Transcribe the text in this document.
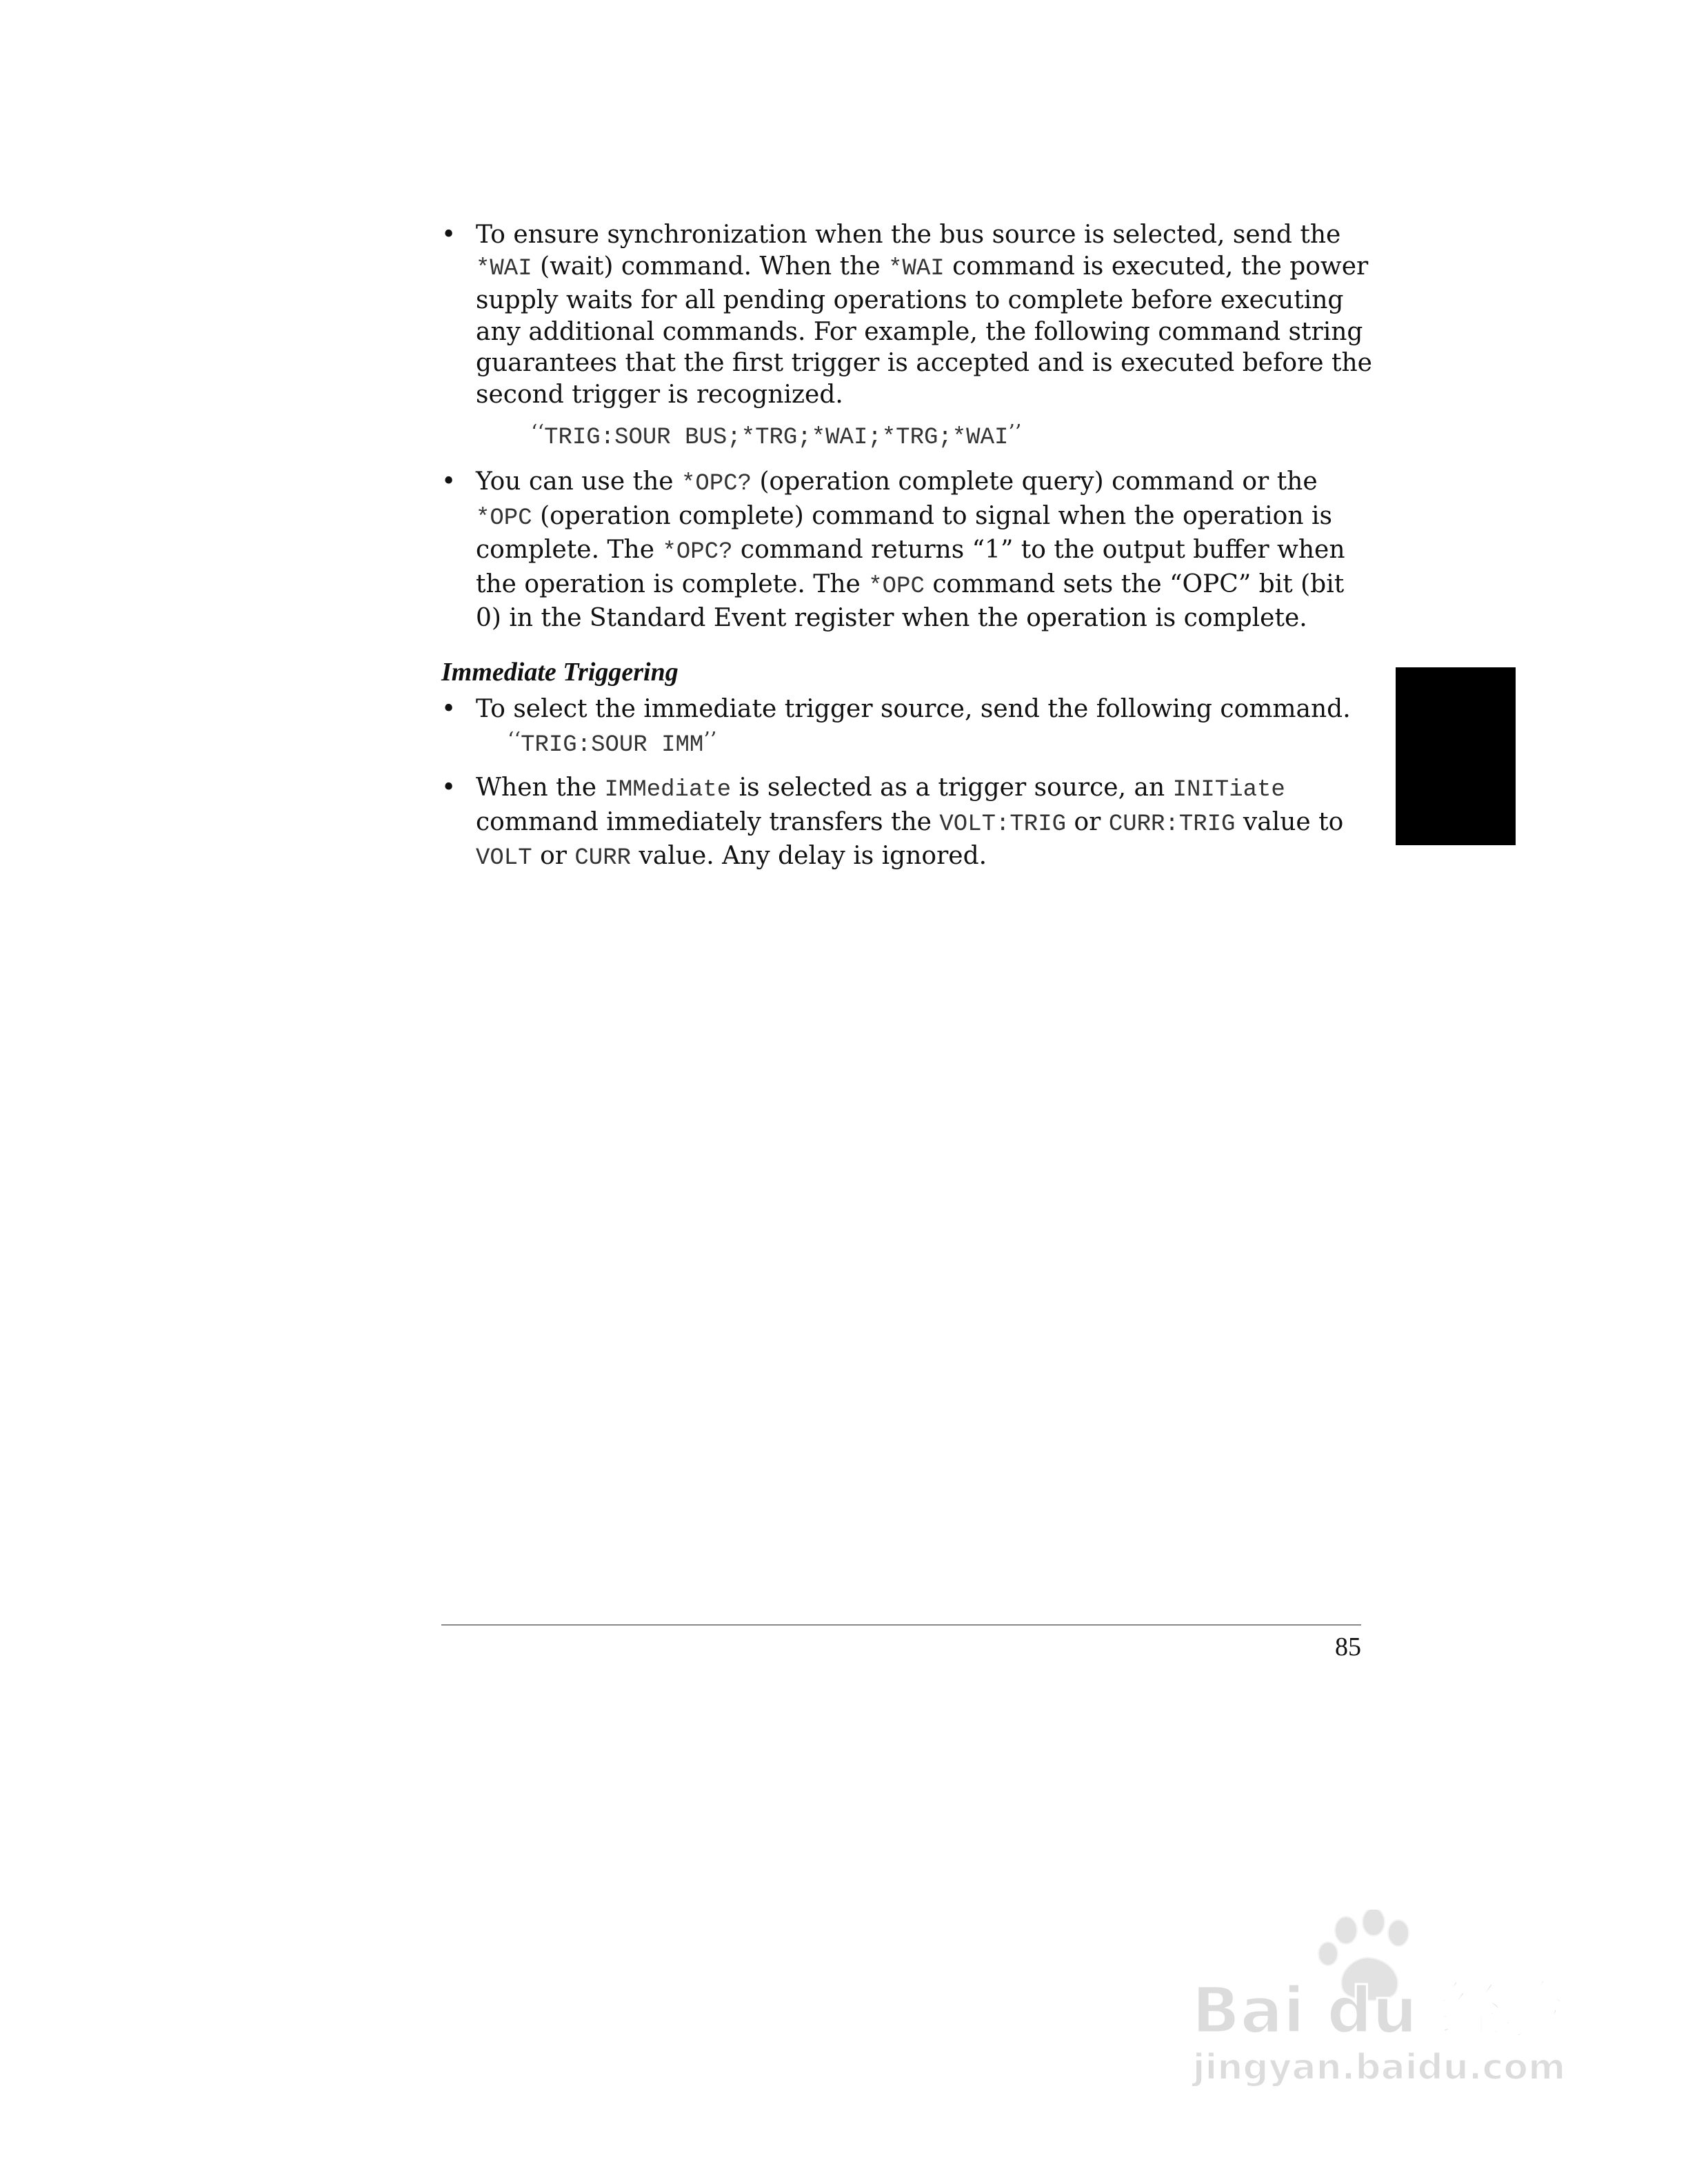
• To ensure synchronization when the bus source is selected, send the *WAI (wait) command. When the *WAI command is executed, the power supply waits for all pending operations to complete before executing any additional commands. For example, the following command string guarantees that the first trigger is accepted and is executed before the second trigger is recognized.

‘‘TRIG:SOUR BUS;*TRG;*WAI;*TRG;*WAI’’

• You can use the *OPC? (operation complete query) command or the *OPC (operation complete) command to signal when the operation is complete. The *OPC? command returns “1” to the output buffer when the operation is complete. The *OPC command sets the “OPC” bit (bit 0) in the Standard Event register when the operation is complete.

Immediate Triggering

• To select the immediate trigger source, send the following command.

‘‘TRIG:SOUR IMM’’

• When the IMMediate is selected as a trigger source, an INITiate command immediately transfers the VOLT:TRIG or CURR:TRIG value to VOLT or CURR value. Any delay is ignored.

85
Bai du 经验
jingyan.baidu.com
